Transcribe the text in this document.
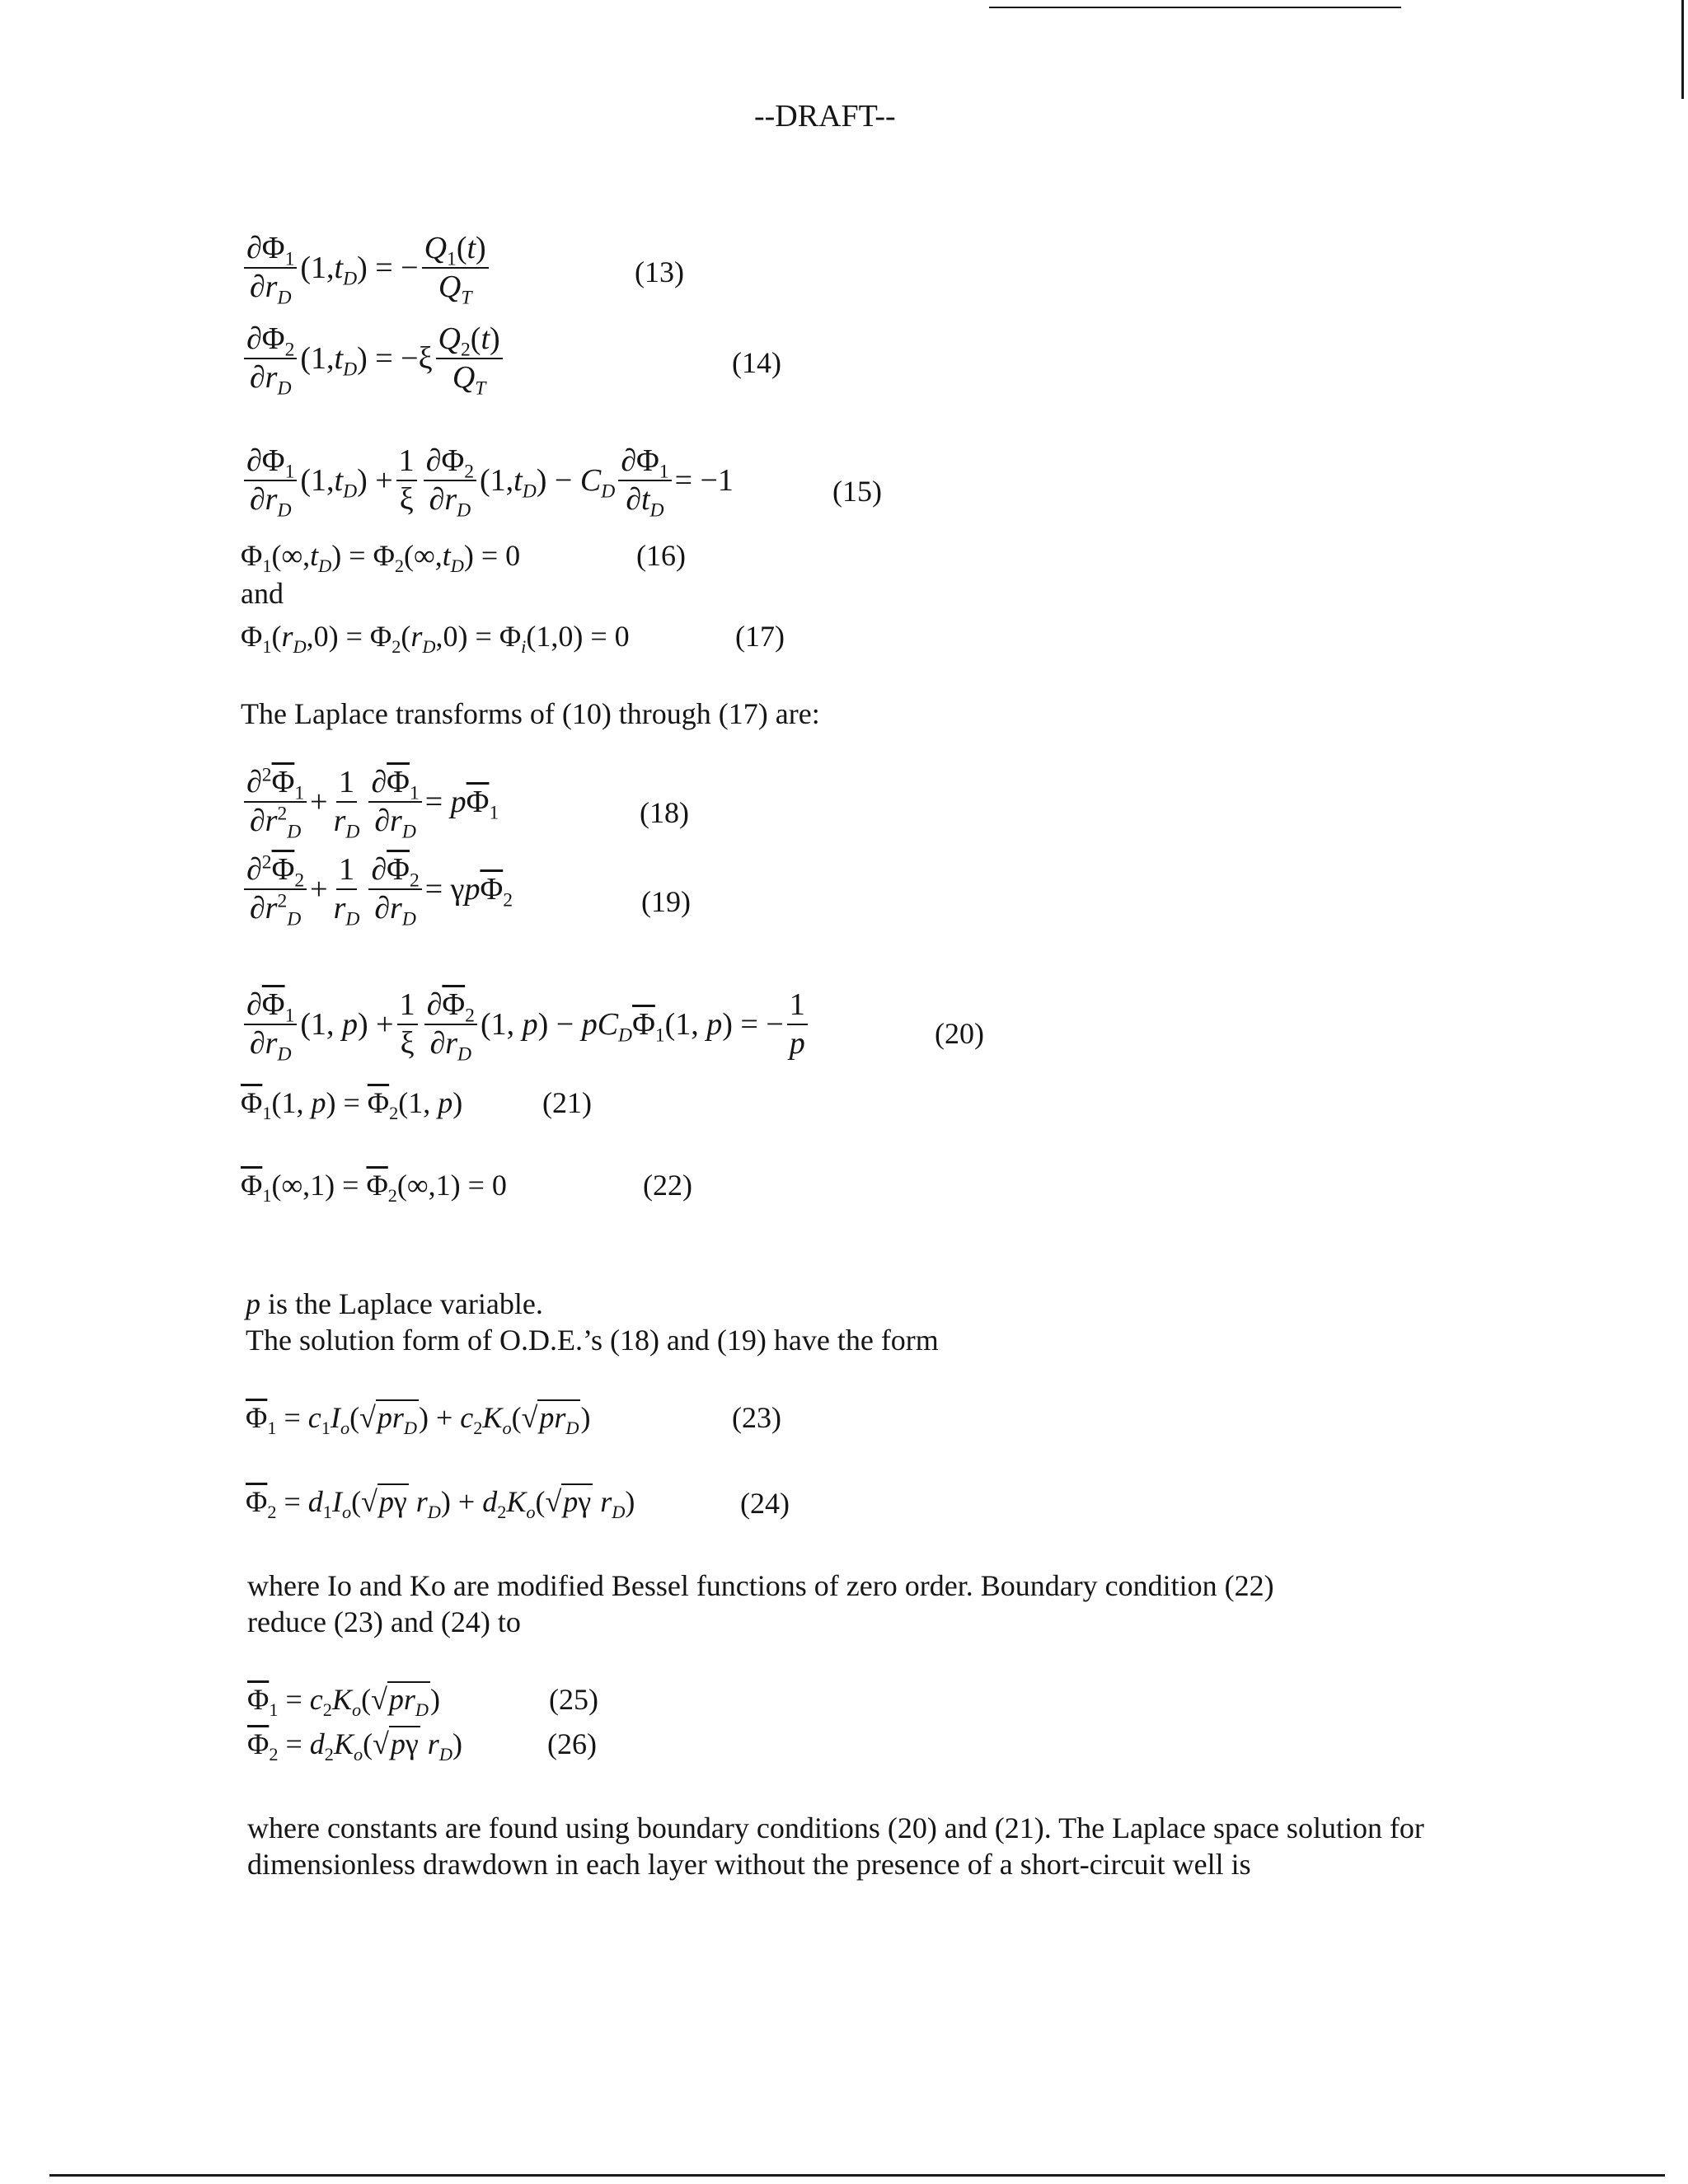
--DRAFT--
$\frac{\partial\Phi_1}{\partial r_D} (1,t_D)$ = − $\frac{Q_1(t)}{Q_T}$	(13)
$\frac{\partial\Phi_2}{\partial r_D} (1,t_D) = -\xi \frac{Q_2(t)}{Q_T}$	(14)
$\frac{\partial\Phi_1}{\partial r_D} (1,t_D) + \frac{1}{\xi} \frac{\partial\Phi_2}{\partial r_D} (1,t_D) - C_D \frac{\partial\Phi_1}{\partial t_D} = -1$	(15)
$\Phi_1(\infty,t_D) = \Phi_2(\infty,t_D) = 0$	(16)
and
$\Phi_1(r_D,0) = \Phi_2(r_D,0) = \Phi_i(1,0) = 0$	(17)
The Laplace transforms of (10) through (17) are:
$\frac{\partial^2\overline{\Phi}_1}{\partial r^2_D} + \frac{1}{r_D} \frac{\partial\overline{\Phi}_1}{\partial r_D} = p\overline{\Phi}_1$	(18)
$\frac{\partial^2\overline{\Phi}_2}{\partial r^2_D} + \frac{1}{r_D} \frac{\partial\overline{\Phi}_2}{\partial r_D} = \gamma p\overline{\Phi}_2$	(19)
$\frac{\partial\overline{\Phi}_1}{\partial r_D} (1$, $p) + \frac{1}{\xi} \frac{\partial\overline{\Phi}_2}{\partial r_D} (1$, $p) - pC_D\overline{\Phi}_1(1$, p) = − $\frac{1}{p}$	(20)
$\overline{\Phi}_1(1$, $p) = \overline{\Phi}_2(1$, p)	(21)
$\overline{\Phi}_1(\infty,1) = \overline{\Phi}_2(\infty,1) = 0$	(22)
p is the Laplace variable.
The solution form of O.D.E.’s (18) and (19) have the form
$\overline{\Phi}_1 = c_1I_o(√pr_D) + c_2K_o(√pr_D)$	(23)
$\overline{\Phi}_2 = d_1I_o(√p\gamma$ $r_D) + d_2K_o(√p\gamma$ $r_D$)	(24)
where Io and Ko are modified Bessel functions of zero order. Boundary condition (22)
reduce (23) and (24) to
$\overline{\Phi}_1 = c_2K_o(√pr_D)$	(25)
$\overline{\Phi}_2 = d_2K_o(√p\gamma$ $r_D$)	(26)
where constants are found using boundary conditions (20) and (21). The Laplace space solution for dimensionless drawdown in each layer without the presence of a short-circuit well is
